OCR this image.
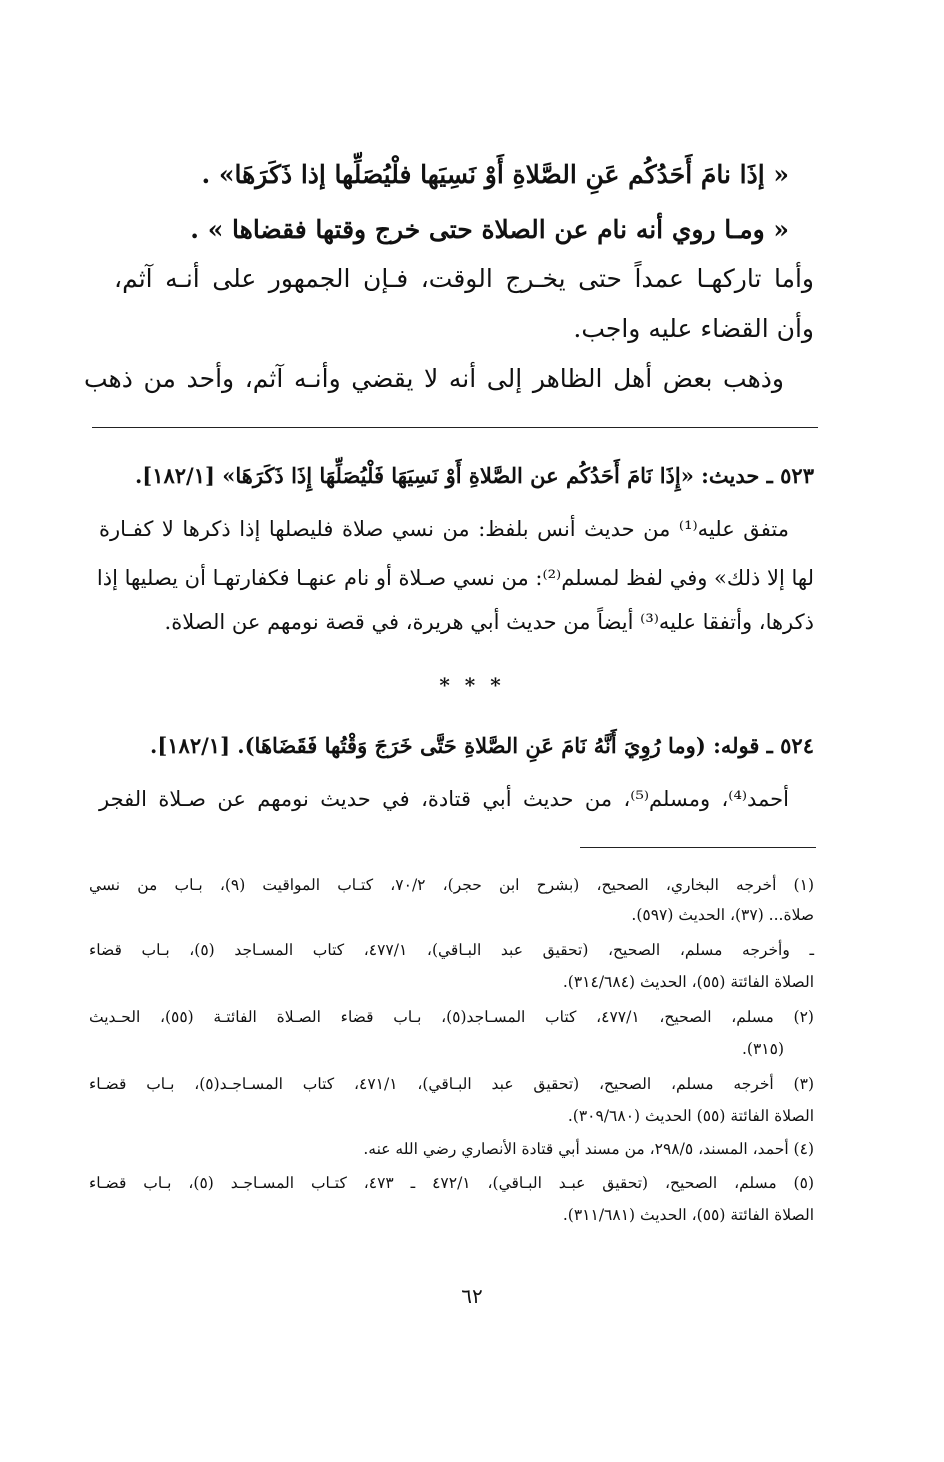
« إذَا نامَ أَحَدُكُم عَنِ الصَّلاةِ أَوْ نَسِيَها فلْيُصَلِّها إذا ذَكَرَهَا» .
« ومـا روي أنه نام عن الصلاة حتى خرج وقتها فقضاها » .
وأما تاركهـا عمداً حتى يخـرج الوقت، فـإن الجمهور على أنـه آثم،
وأن القضاء عليه واجب.
وذهب بعض أهل الظاهر إلى أنه لا يقضي وأنـه آثم، وأحد من ذهب
٥٢٣ ـ حديث: «إِذَا نَامَ أَحَدُكُم عن الصَّلاةِ أَوْ نَسِيَهَا فَلْيُصَلِّهَا إِذَا ذَكَرَهَا» [١٨٢/١].
متفق عليه⁽¹⁾ من حديث أنس بلفظ: من نسي صلاة فليصلها إذا ذكرها لا كفـارة
لها إلا ذلك» وفي لفظ لمسلم⁽²⁾: من نسي صـلاة أو نام عنهـا فكفارتهـا أن يصليها إذا
ذكرها، وأتفقا عليه⁽³⁾ أيضاً من حديث أبي هريرة، في قصة نومهم عن الصلاة.
* * *
٥٢٤ ـ قوله: (وما رُوِيَ أَنَّهُ نَامَ عَنِ الصَّلاةِ حَتَّى خَرَجَ وَقْتُها فَقَضَاهَا). [١٨٢/١].
أحمد⁽⁴⁾، ومسلم⁽⁵⁾، من حديث أبي قتادة، في حديث نومهم عن صـلاة الفجر
(١) أخرجه البخاري، الصحيح، (بشرح ابن حجر)، ٧٠/٢، كتـاب المواقيت (٩)، بـاب من نسي
صلاة... (٣٧)، الحديث (٥٩٧).
ـ وأخرجه مسلم، الصحيح، (تحقيق عبد البـاقي)، ٤٧٧/١، كتاب المسـاجد (٥)، بـاب قضاء
الصلاة الفائتة (٥٥)، الحديث (٣١٤/٦٨٤).
(٢) مسلم، الصحيح، ٤٧٧/١، كتاب المسـاجد(٥)، بـاب قضاء الصـلاة الفائتـة (٥٥)، الحـديث
(٣١٥).
(٣) أخرجه مسلم، الصحيح، (تحقيق عبد البـاقي)، ٤٧١/١، كتاب المسـاجـد(٥)، بـاب قضـاء
الصلاة الفائتة (٥٥) الحديث (٣٠٩/٦٨٠).
(٤) أحمد، المسند، ٢٩٨/٥، من مسند أبي قتادة الأنصاري رضي الله عنه.
(٥) مسلم، الصحيح، (تحقيق عبـد البـاقي)، ٤٧٢/١ ـ ٤٧٣، كتـاب المسـاجـد (٥)، بـاب قضـاء
الصلاة الفائتة (٥٥)، الحديث (٣١١/٦٨١).
٦٢
